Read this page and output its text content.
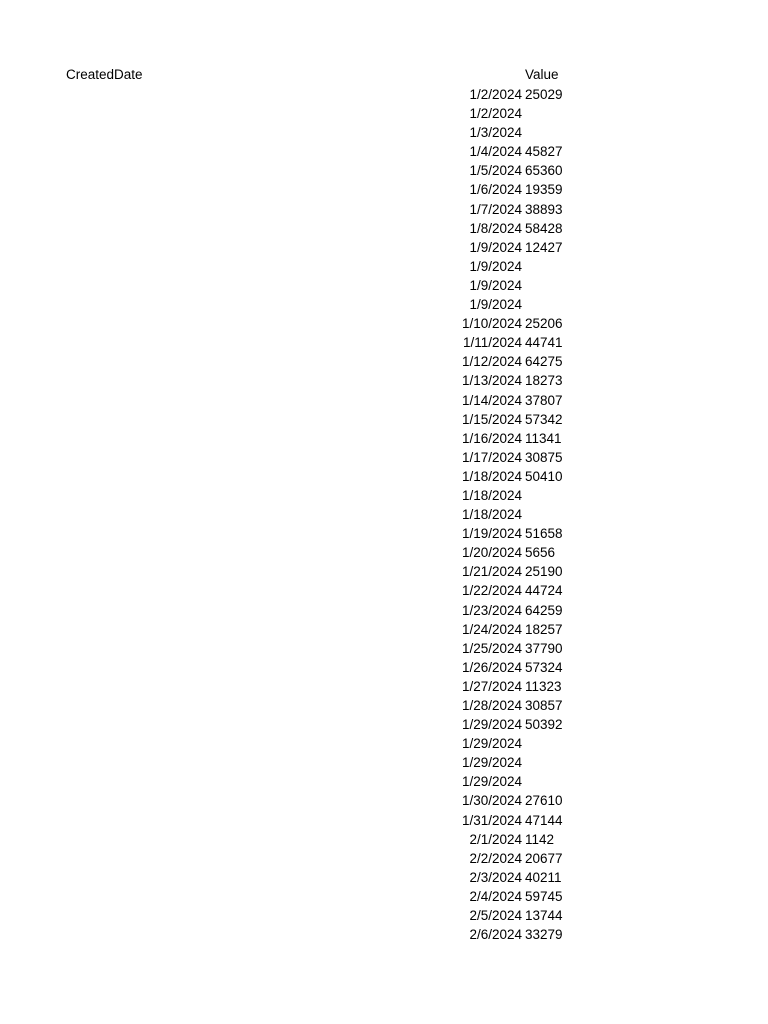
CreatedDate	Value
1/2/2024 25029
1/2/2024
1/3/2024
1/4/2024 45827
1/5/2024 65360
1/6/2024 19359
1/7/2024 38893
1/8/2024 58428
1/9/2024 12427
1/9/2024
1/9/2024
1/9/2024
1/10/2024 25206
1/11/2024 44741
1/12/2024 64275
1/13/2024 18273
1/14/2024 37807
1/15/2024 57342
1/16/2024 11341
1/17/2024 30875
1/18/2024 50410
1/18/2024
1/18/2024
1/19/2024 51658
1/20/2024 5656
1/21/2024 25190
1/22/2024 44724
1/23/2024 64259
1/24/2024 18257
1/25/2024 37790
1/26/2024 57324
1/27/2024 11323
1/28/2024 30857
1/29/2024 50392
1/29/2024
1/29/2024
1/29/2024
1/30/2024 27610
1/31/2024 47144
2/1/2024 1142
2/2/2024 20677
2/3/2024 40211
2/4/2024 59745
2/5/2024 13744
2/6/2024 33279
